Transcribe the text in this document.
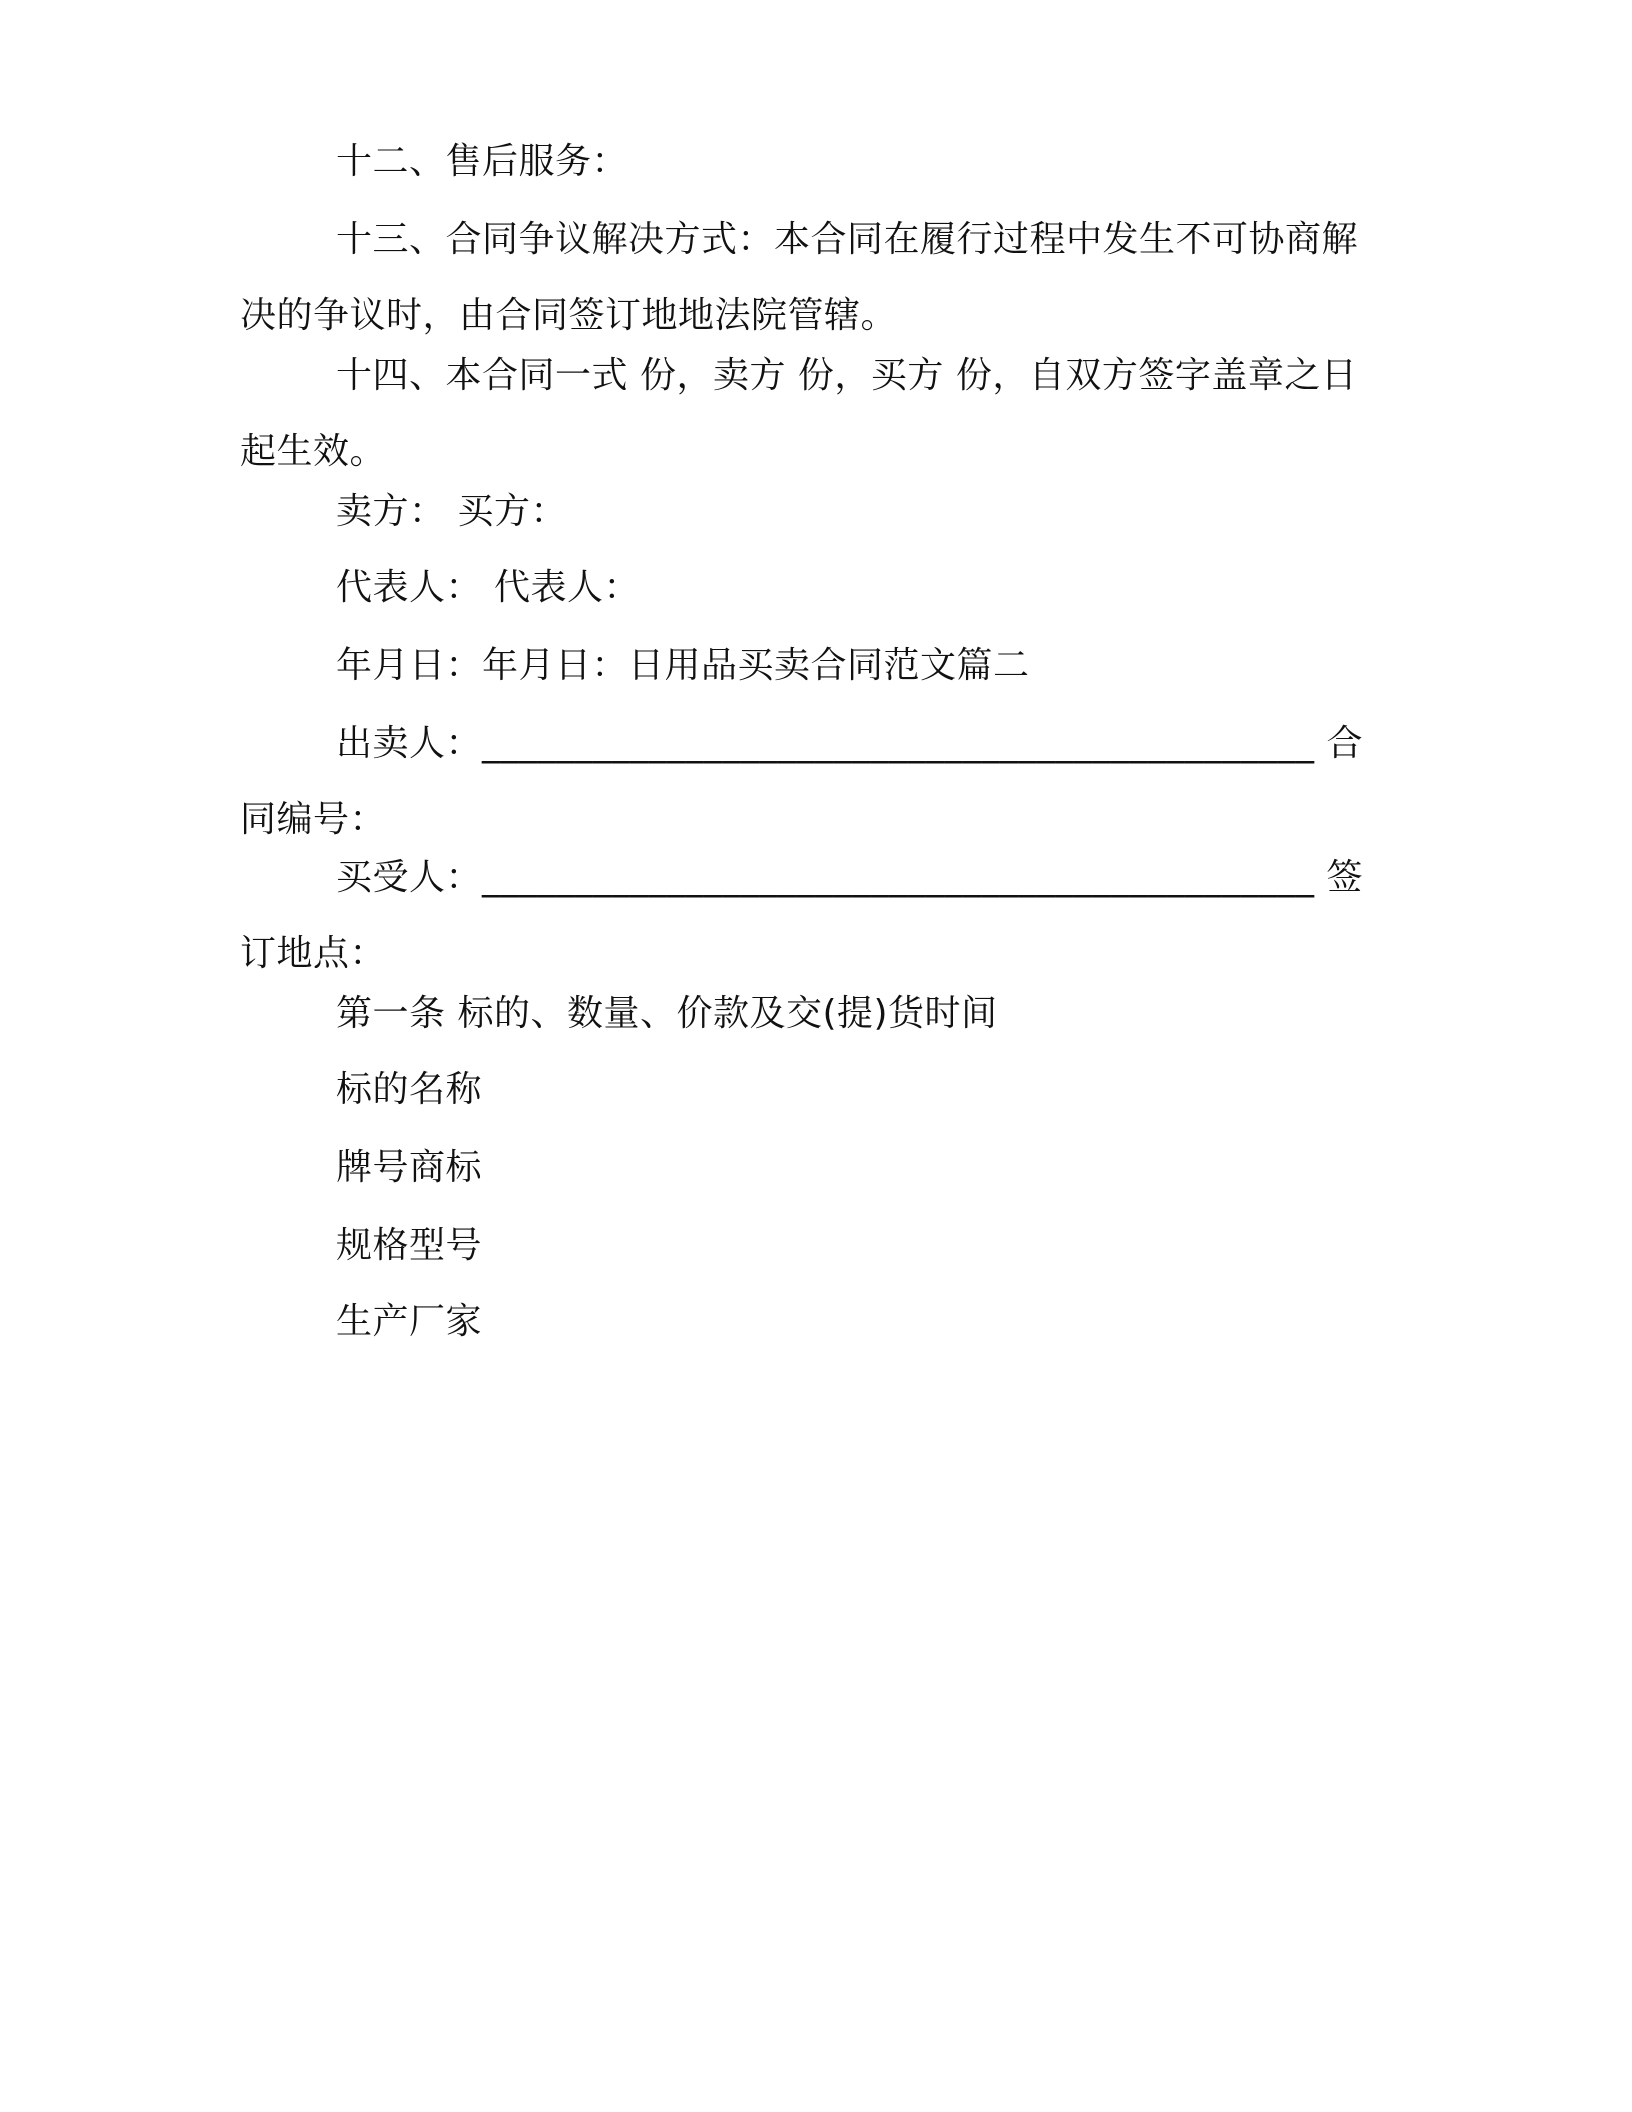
十二、售后服务：
十三、合同争议解决方式：本合同在履行过程中发生不可协商解
决的争议时，由合同签订地地法院管辖。
十四、本合同一式 份，卖方 份，买方 份，自双方签字盖章之日
起生效。
卖方： 买方：
代表人： 代表人：
年月日：年月日：日用品买卖合同范文篇二
出卖人：_____________________________________________ 合
同编号：
买受人：_____________________________________________ 签
订地点：
第一条 标的、数量、价款及交(提)货时间
标的名称
牌号商标
规格型号
生产厂家
